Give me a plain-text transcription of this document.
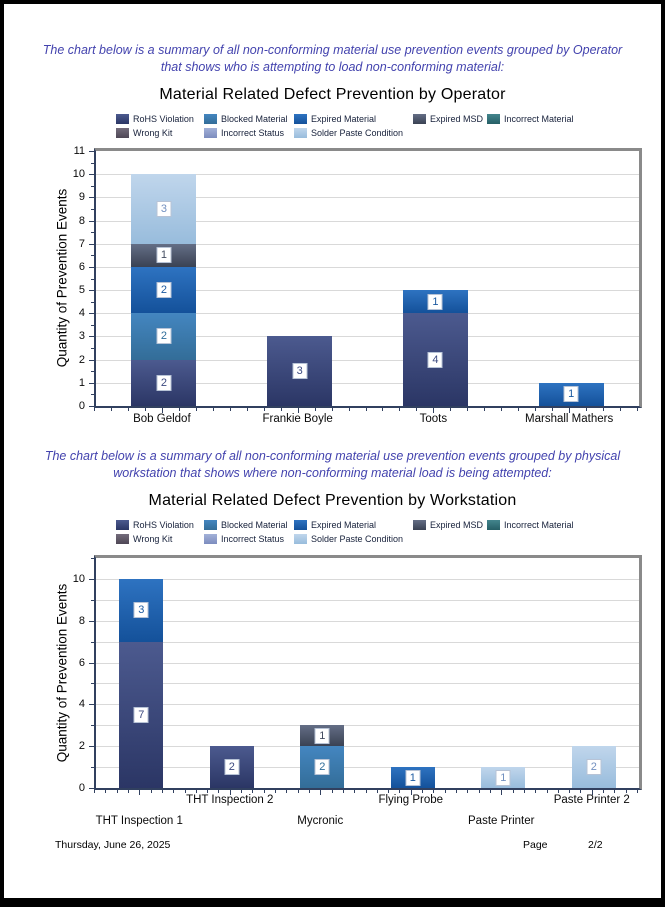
The chart below is a summary of all non-conforming material use prevention events grouped by Operator that shows who is attempting to load non-conforming material:

Material Related Defect Prevention by Operator
RoHS Violation	Blocked Material	Expired Material	Expired MSD Incorrect Material
Wrong Kit	Incorrect Status	Solder Paste Condition
Quantity of Prevention Events
2
2
2
1
3
3
4
1
1
0
1
2
3
4
5
6
7
8
9
10
11
Bob Geldof	Frankie Boyle	Toots	Marshall Mathers

The chart below is a summary of all non-conforming material use prevention events grouped by physical workstation that shows where non-conforming material load is being attempted:

Material Related Defect Prevention by Workstation
RoHS Violation	Blocked Material	Expired Material	Expired MSD Incorrect Material
Wrong Kit	Incorrect Status	Solder Paste Condition
Quantity of Prevention Events	7
3
2	2
1
1	1
2
0
2
4
6
8
10
THT Inspection 1
THT Inspection 2
Mycronic
Flying Probe
Paste Printer
Paste Printer 2
Thursday, June 26, 2025	Page	2/2
